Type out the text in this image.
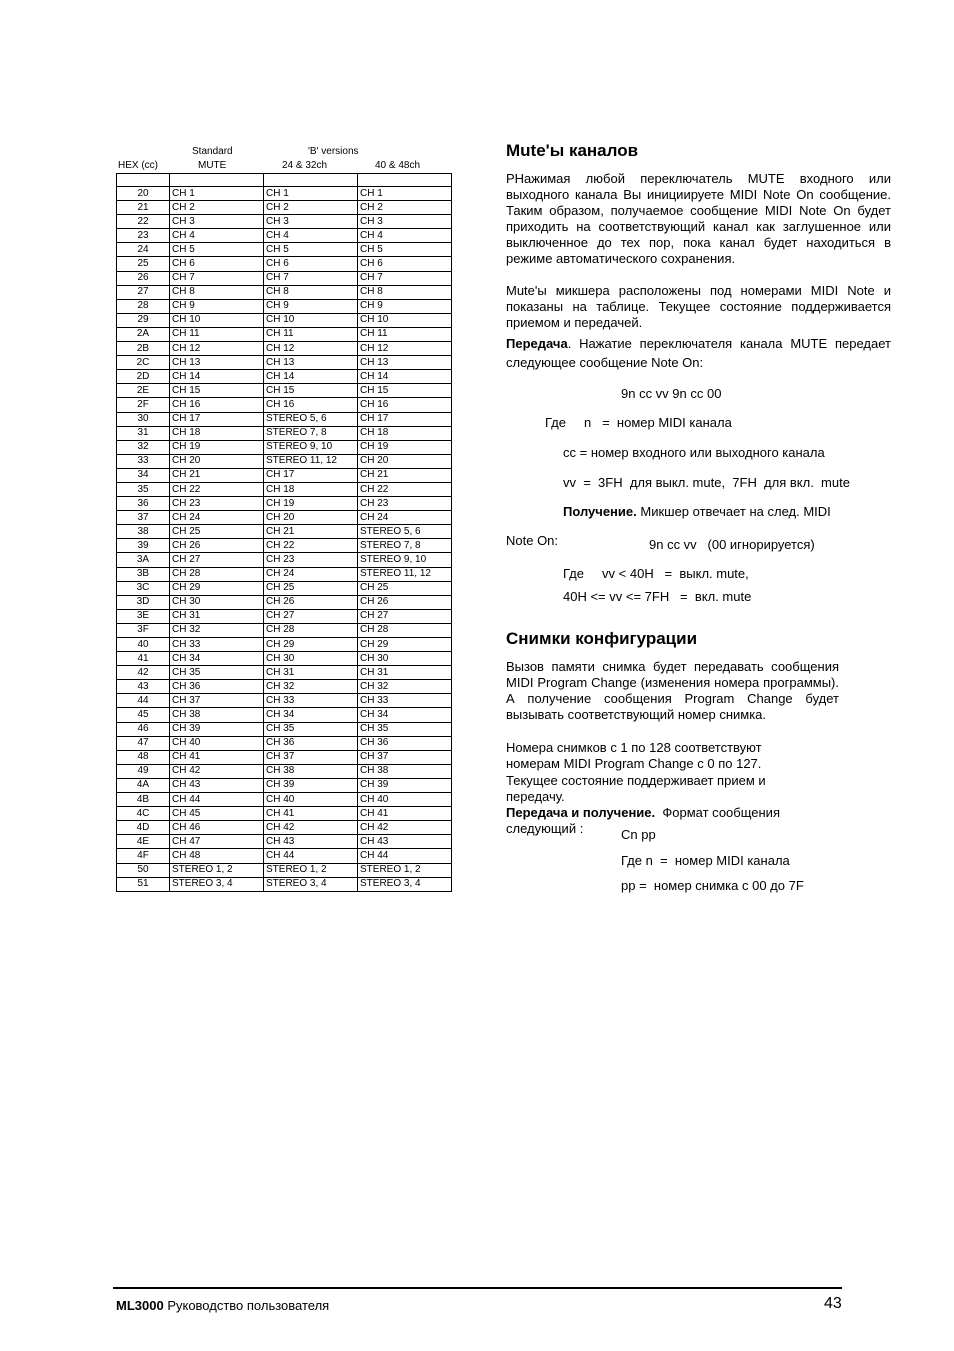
Standard	'B' versions
HEX (cc)	MUTE	24 & 32ch	40 & 48ch

20	CH 1	CH 1	CH 1
21	CH 2	CH 2	CH 2
22	CH 3	CH 3	CH 3
23	CH 4	CH 4	CH 4
24	CH 5	CH 5	CH 5
25	CH 6	CH 6	CH 6
26	CH 7	CH 7	CH 7
27	CH 8	CH 8	CH 8
28	CH 9	CH 9	CH 9
29	CH 10	CH 10	CH 10
2A	CH 11	CH 11	CH 11
2B	CH 12	CH 12	CH 12
2C	CH 13	CH 13	CH 13
2D	CH 14	CH 14	CH 14
2E	CH 15	CH 15	CH 15
2F	CH 16	CH 16	CH 16
30	CH 17	STEREO 5, 6	CH 17
31	CH 18	STEREO 7, 8	CH 18
32	CH 19	STEREO 9, 10	CH 19
33	CH 20	STEREO 11, 12	CH 20
34	CH 21	CH 17	CH 21
35	CH 22	CH 18	CH 22
36	CH 23	CH 19	CH 23
37	CH 24	CH 20	CH 24
38	CH 25	CH 21	STEREO 5, 6
39	CH 26	CH 22	STEREO 7, 8
3A	CH 27	CH 23	STEREO 9, 10
3B	CH 28	CH 24	STEREO 11, 12
3C	CH 29	CH 25	CH 25
3D	CH 30	CH 26	CH 26
3E	CH 31	CH 27	CH 27
3F	CH 32	CH 28	CH 28
40	CH 33	CH 29	CH 29
41	CH 34	CH 30	CH 30
42	CH 35	CH 31	CH 31
43	CH 36	CH 32	CH 32
44	CH 37	CH 33	CH 33
45	CH 38	CH 34	CH 34
46	CH 39	CH 35	CH 35
47	CH 40	CH 36	CH 36
48	CH 41	CH 37	CH 37
49	CH 42	CH 38	CH 38
4A	CH 43	CH 39	CH 39
4B	CH 44	CH 40	CH 40
4C	CH 45	CH 41	CH 41
4D	CH 46	CH 42	CH 42
4E	CH 47	CH 43	CH 43
4F	CH 48	CH 44	CH 44
50	STEREO 1, 2	STEREO 1, 2	STEREO 1, 2
51	STEREO 3, 4	STEREO 3, 4	STEREO 3, 4
Mute'ы каналов
РНажимая любой переключатель MUTE входного или выходного канала Вы инициируете MIDI Note On сообщение. Таким образом, получаемое сообщение MIDI Note On будет приходить на соответствующий канал как заглушенное или выключенное до тех пор, пока канал будет находиться в режиме автоматического сохранения.
Mute'ы микшера расположены под номерами MIDI Note и показаны на таблице. Текущее состояние поддерживается приемом и передачей.
Передача. Нажатие переключателя канала MUTE передает следующее сообщение Note On:
9n cc vv 9n cc 00
Где     n   =  номер MIDI канала
cc = номер входного или выходного канала
vv  =  3FH  для выкл. mute,  7FH  для вкл.  mute
Получение. Микшер отвечает на след. MIDI
Note On:	9n cc vv   (00 игнорируется)
Где     vv < 40H   =  выкл. mute,
40H <= vv <= 7FH   =  вкл. mute
Снимки конфигурации
Вызов памяти снимка будет передавать сообщения MIDI Program Change (изменения номера программы). А получение сообщения Program Change будет вызывать соответствующий номер снимка.
Номера снимков с 1 по 128 соответствуют номерам MIDI Program Change с 0 по 127.
Текущее состояние поддерживает прием и передачу.
Передача и получение.  Формат сообщения
следующий :	Cn pp
Где n  =  номер MIDI канала
pp =  номер снимка с 00 до 7F
ML3000 Руководство пользователя	43
